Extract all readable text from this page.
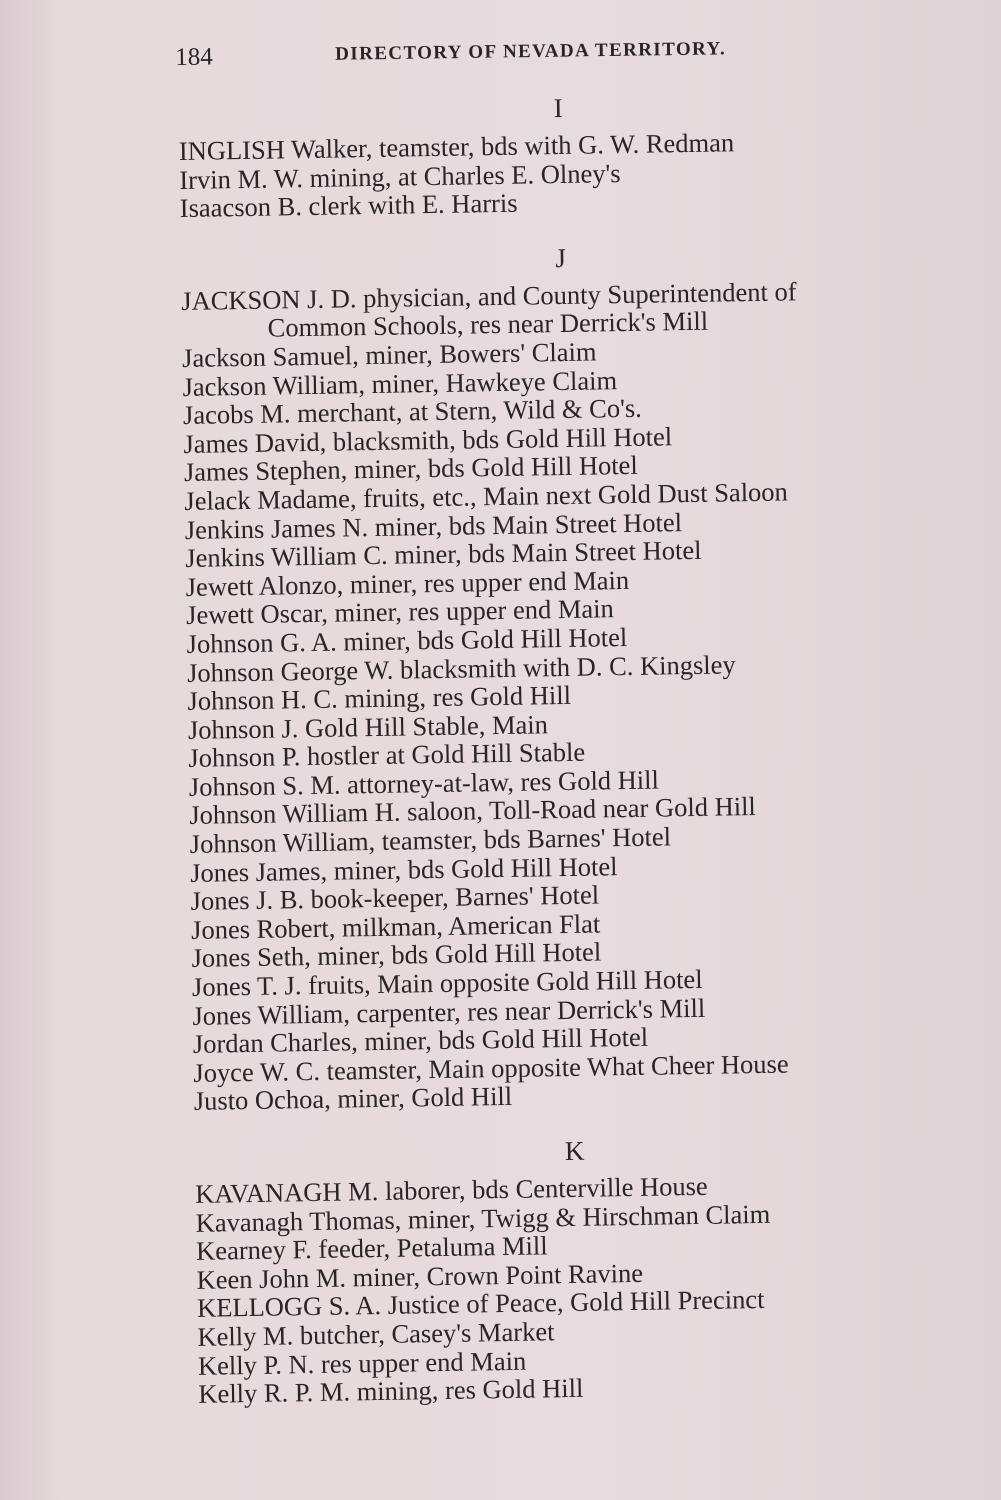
184	DIRECTORY OF NEVADA TERRITORY.
I
INGLISH Walker, teamster, bds with G. W. Redman
Irvin M. W. mining, at Charles E. Olney's
Isaacson B. clerk with E. Harris
J
JACKSON J. D. physician, and County Superintendent of
Common Schools, res near Derrick's Mill
Jackson Samuel, miner, Bowers' Claim
Jackson William, miner, Hawkeye Claim
Jacobs M. merchant, at Stern, Wild & Co's.
James David, blacksmith, bds Gold Hill Hotel
James Stephen, miner, bds Gold Hill Hotel
Jelack Madame, fruits, etc., Main next Gold Dust Saloon
Jenkins James N. miner, bds Main Street Hotel
Jenkins William C. miner, bds Main Street Hotel
Jewett Alonzo, miner, res upper end Main
Jewett Oscar, miner, res upper end Main
Johnson G. A. miner, bds Gold Hill Hotel
Johnson George W. blacksmith with D. C. Kingsley
Johnson H. C. mining, res Gold Hill
Johnson J. Gold Hill Stable, Main
Johnson P. hostler at Gold Hill Stable
Johnson S. M. attorney-at-law, res Gold Hill
Johnson William H. saloon, Toll-Road near Gold Hill
Johnson William, teamster, bds Barnes' Hotel
Jones James, miner, bds Gold Hill Hotel
Jones J. B. book-keeper, Barnes' Hotel
Jones Robert, milkman, American Flat
Jones Seth, miner, bds Gold Hill Hotel
Jones T. J. fruits, Main opposite Gold Hill Hotel
Jones William, carpenter, res near Derrick's Mill
Jordan Charles, miner, bds Gold Hill Hotel
Joyce W. C. teamster, Main opposite What Cheer House
Justo Ochoa, miner, Gold Hill
K
KAVANAGH M. laborer, bds Centerville House
Kavanagh Thomas, miner, Twigg & Hirschman Claim
Kearney F. feeder, Petaluma Mill
Keen John M. miner, Crown Point Ravine
KELLOGG S. A. Justice of Peace, Gold Hill Precinct
Kelly M. butcher, Casey's Market
Kelly P. N. res upper end Main
Kelly R. P. M. mining, res Gold Hill
